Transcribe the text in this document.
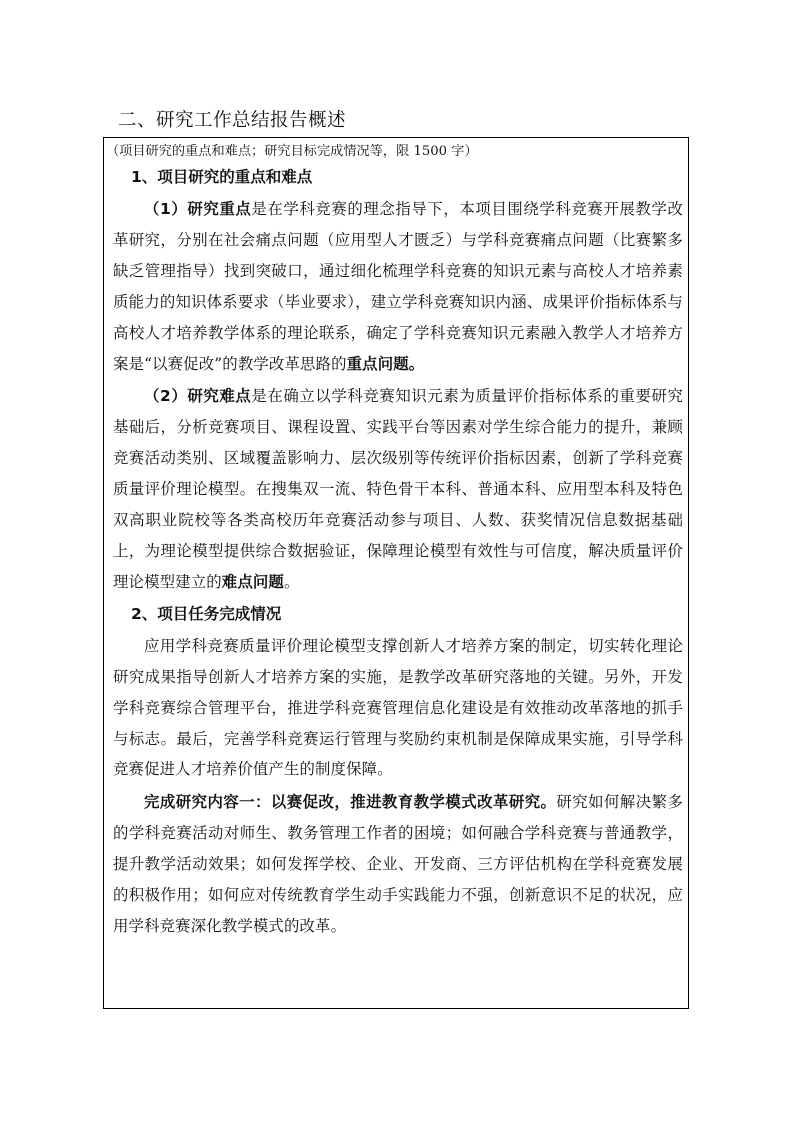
二、研究工作总结报告概述
（项目研究的重点和难点；研究目标完成情况等，限 1500 字）

1、项目研究的重点和难点

（1）研究重点是在学科竞赛的理念指导下，本项目围绕学科竞赛开展教学改革研究，分别在社会痛点问题（应用型人才匮乏）与学科竞赛痛点问题（比赛繁多缺乏管理指导）找到突破口，通过细化梳理学科竞赛的知识元素与高校人才培养素质能力的知识体系要求（毕业要求），建立学科竞赛知识内涵、成果评价指标体系与高校人才培养教学体系的理论联系，确定了学科竞赛知识元素融入教学人才培养方案是“以赛促改”的教学改革思路的重点问题。

（2）研究难点是在确立以学科竞赛知识元素为质量评价指标体系的重要研究基础后，分析竞赛项目、课程设置、实践平台等因素对学生综合能力的提升，兼顾竞赛活动类别、区域覆盖影响力、层次级别等传统评价指标因素，创新了学科竞赛质量评价理论模型。在搜集双一流、特色骨干本科、普通本科、应用型本科及特色双高职业院校等各类高校历年竞赛活动参与项目、人数、获奖情况信息数据基础上，为理论模型提供综合数据验证，保障理论模型有效性与可信度，解决质量评价理论模型建立的难点问题。

2、项目任务完成情况

应用学科竞赛质量评价理论模型支撑创新人才培养方案的制定，切实转化理论研究成果指导创新人才培养方案的实施，是教学改革研究落地的关键。另外，开发学科竞赛综合管理平台，推进学科竞赛管理信息化建设是有效推动改革落地的抓手与标志。最后，完善学科竞赛运行管理与奖励约束机制是保障成果实施，引导学科竞赛促进人才培养价值产生的制度保障。

完成研究内容一：以赛促改，推进教育教学模式改革研究。研究如何解决繁多的学科竞赛活动对师生、教务管理工作者的困境；如何融合学科竞赛与普通教学，提升教学活动效果；如何发挥学校、企业、开发商、三方评估机构在学科竞赛发展的积极作用；如何应对传统教育学生动手实践能力不强，创新意识不足的状况，应用学科竞赛深化教学模式的改革。
